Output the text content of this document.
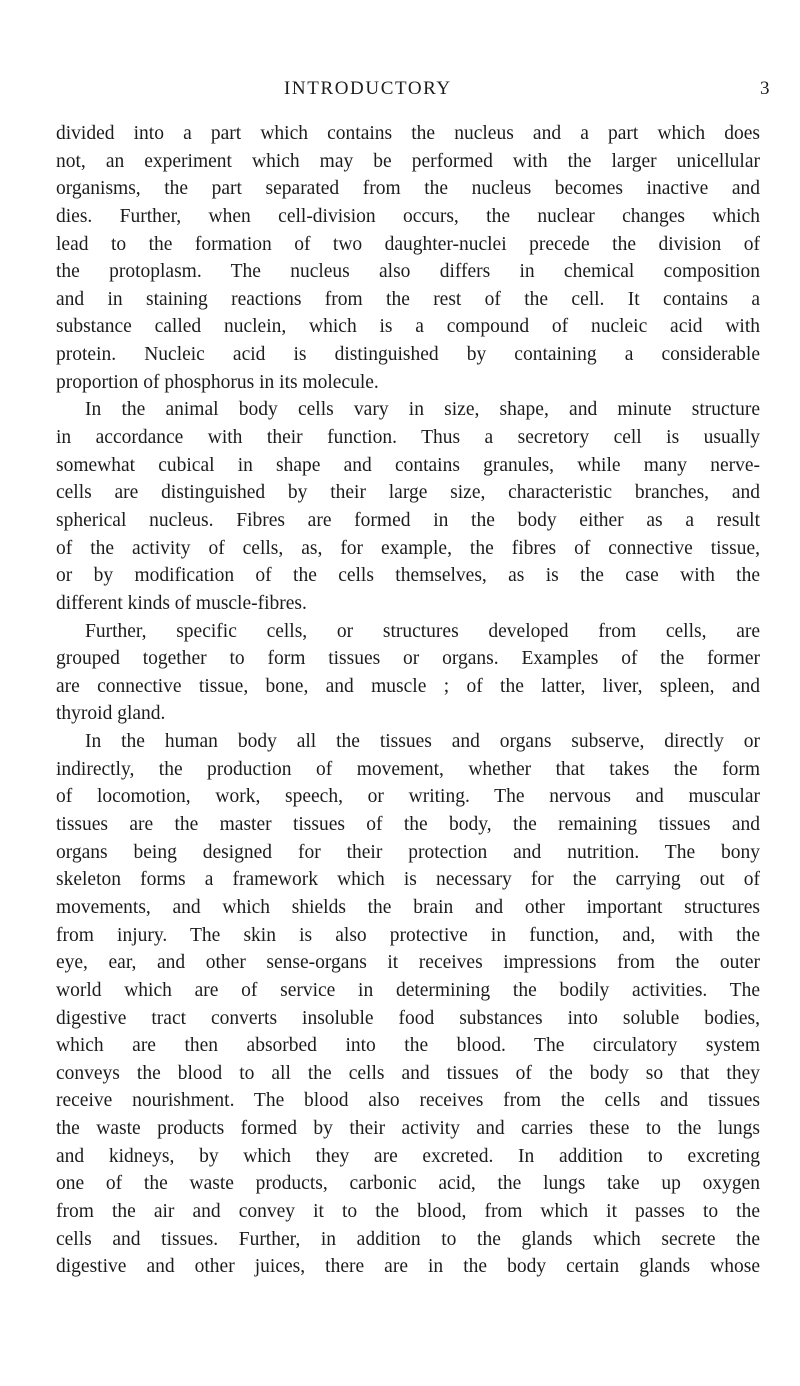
INTRODUCTORY	3
divided into a part which contains the nucleus and a part which does
not, an experiment which may be performed with the larger unicellular
organisms, the part separated from the nucleus becomes inactive and
dies. Further, when cell-division occurs, the nuclear changes which
lead to the formation of two daughter-nuclei precede the division of
the protoplasm. The nucleus also differs in chemical composition
and in staining reactions from the rest of the cell. It contains a
substance called nuclein, which is a compound of nucleic acid with
protein. Nucleic acid is distinguished by containing a considerable
proportion of phosphorus in its molecule.
In the animal body cells vary in size, shape, and minute structure
in accordance with their function. Thus a secretory cell is usually
somewhat cubical in shape and contains granules, while many nerve-
cells are distinguished by their large size, characteristic branches, and
spherical nucleus. Fibres are formed in the body either as a result
of the activity of cells, as, for example, the fibres of connective tissue,
or by modification of the cells themselves, as is the case with the
different kinds of muscle-fibres.
Further, specific cells, or structures developed from cells, are
grouped together to form tissues or organs. Examples of the former
are connective tissue, bone, and muscle ; of the latter, liver, spleen, and
thyroid gland.
In the human body all the tissues and organs subserve, directly or
indirectly, the production of movement, whether that takes the form
of locomotion, work, speech, or writing. The nervous and muscular
tissues are the master tissues of the body, the remaining tissues and
organs being designed for their protection and nutrition. The bony
skeleton forms a framework which is necessary for the carrying out of
movements, and which shields the brain and other important structures
from injury. The skin is also protective in function, and, with the
eye, ear, and other sense-organs it receives impressions from the outer
world which are of service in determining the bodily activities. The
digestive tract converts insoluble food substances into soluble bodies,
which are then absorbed into the blood. The circulatory system
conveys the blood to all the cells and tissues of the body so that they
receive nourishment. The blood also receives from the cells and tissues
the waste products formed by their activity and carries these to the lungs
and kidneys, by which they are excreted. In addition to excreting
one of the waste products, carbonic acid, the lungs take up oxygen
from the air and convey it to the blood, from which it passes to the
cells and tissues. Further, in addition to the glands which secrete the
digestive and other juices, there are in the body certain glands whose
